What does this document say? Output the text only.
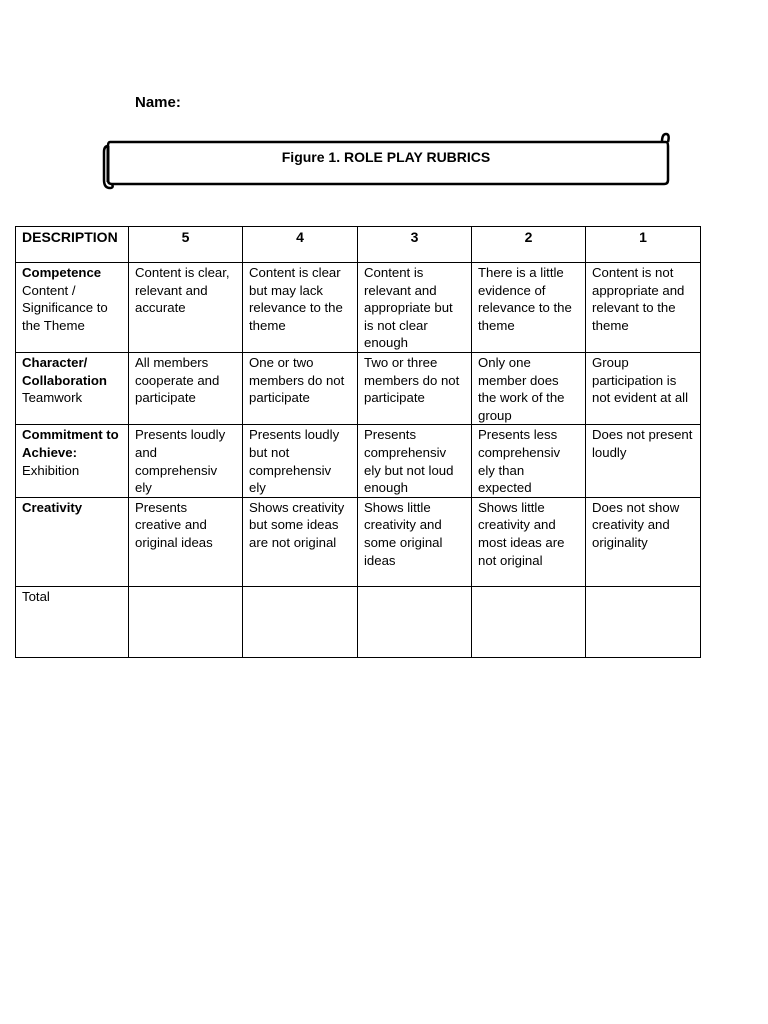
Name:
Figure 1. ROLE PLAY RUBRICS
DESCRIPTION	5	4	3	2	1
Competence Content / Significance to the Theme	Content is clear, relevant and accurate	Content is clear but may lack relevance to the theme	Content is relevant and appropriate but is not clear enough	There is a little evidence of relevance to the theme	Content is not appropriate and relevant to the theme
Character/ Collaboration Teamwork	All members cooperate and participate	One or two members do not participate	Two or three members do not participate	Only one member does the work of the group	Group participation is not evident at all
Commitment to Achieve: Exhibition	Presents loudly and comprehensiv ely	Presents loudly but not comprehensiv ely	Presents comprehensiv ely but not loud enough	Presents less comprehensiv ely than expected	Does not present loudly
Creativity	Presents creative and original ideas	Shows creativity but some ideas are not original	Shows little creativity and some original ideas	Shows little creativity and most ideas are not original	Does not show creativity and originality
Total					
